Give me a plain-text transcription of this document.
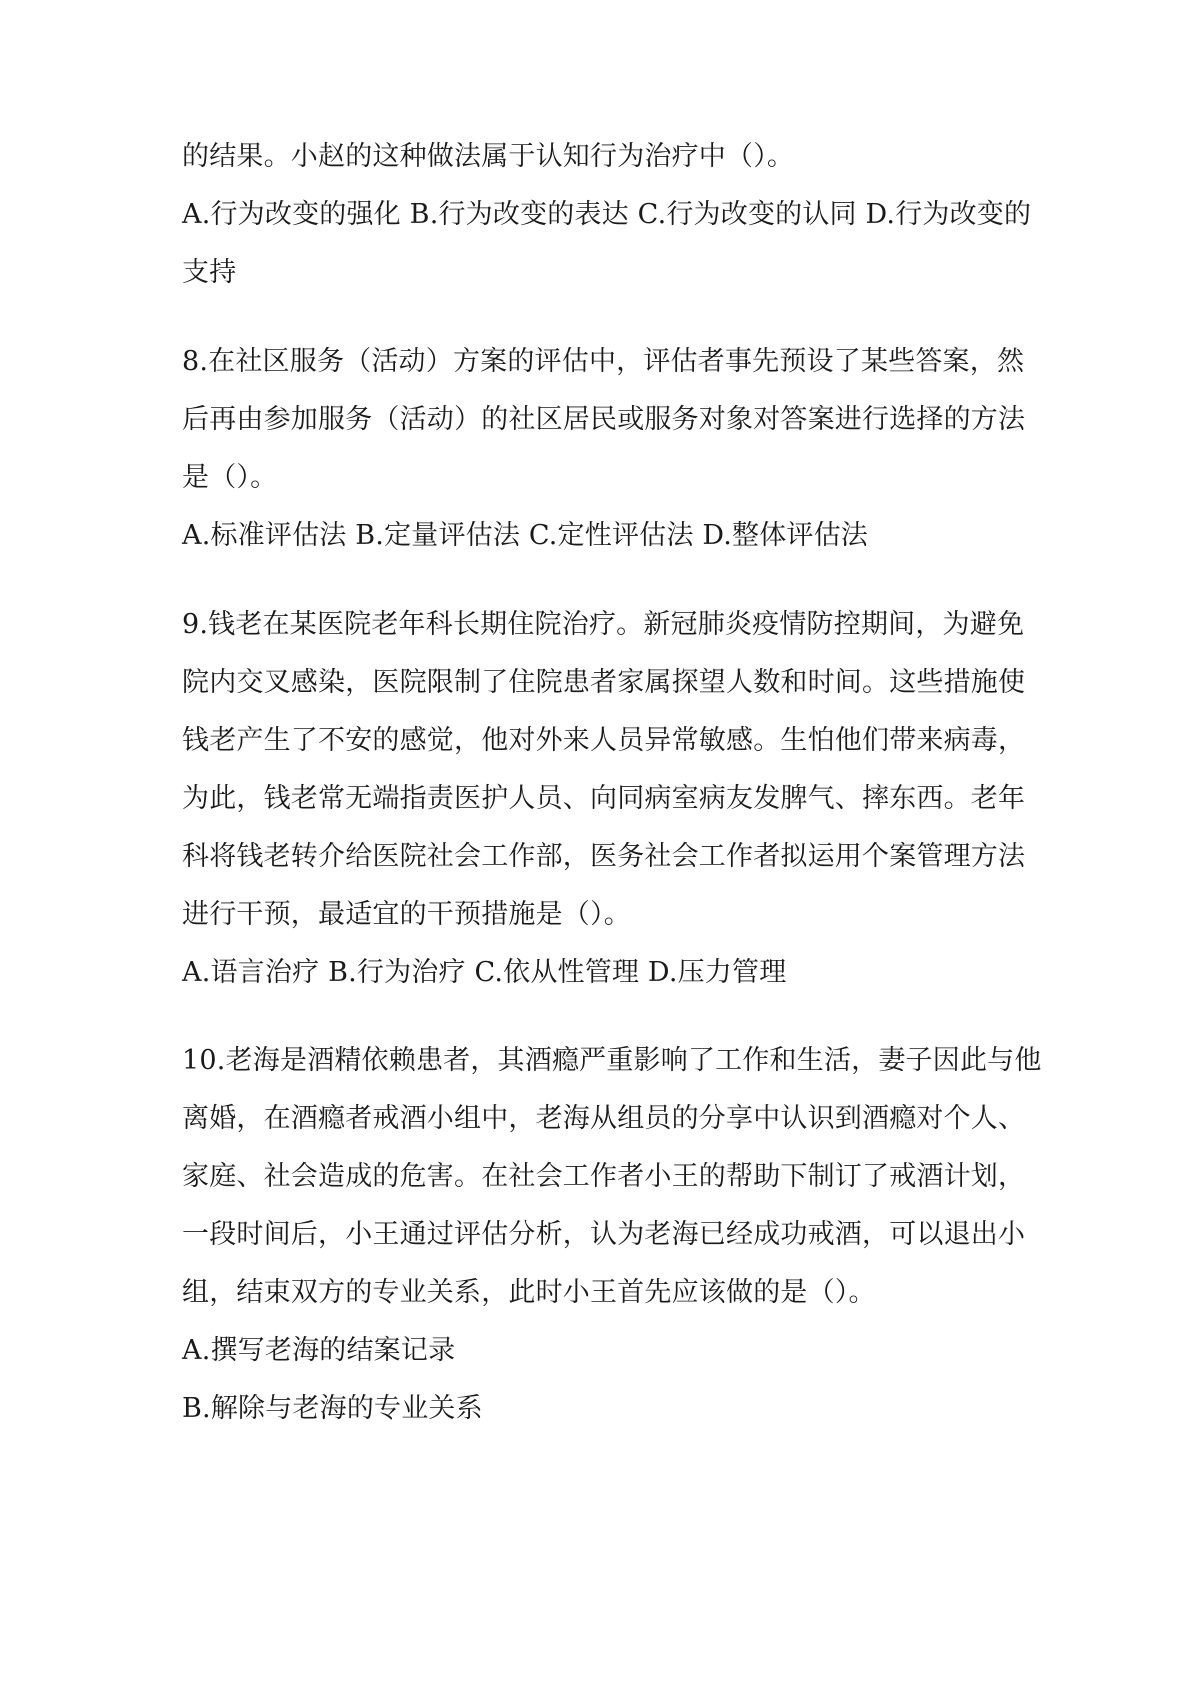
的结果。小赵的这种做法属于认知行为治疗中（）。
A.行为改变的强化 B.行为改变的表达 C.行为改变的认同 D.行为改变的
支持
8.在社区服务（活动）方案的评估中，评估者事先预设了某些答案，然
后再由参加服务（活动）的社区居民或服务对象对答案进行选择的方法
是（）。
A.标准评估法 B.定量评估法 C.定性评估法 D.整体评估法
9.钱老在某医院老年科长期住院治疗。新冠肺炎疫情防控期间，为避免
院内交叉感染，医院限制了住院患者家属探望人数和时间。这些措施使
钱老产生了不安的感觉，他对外来人员异常敏感。生怕他们带来病毒，
为此，钱老常无端指责医护人员、向同病室病友发脾气、摔东西。老年
科将钱老转介给医院社会工作部，医务社会工作者拟运用个案管理方法
进行干预，最适宜的干预措施是（）。
A.语言治疗 B.行为治疗 C.依从性管理 D.压力管理
10.老海是酒精依赖患者，其酒瘾严重影响了工作和生活，妻子因此与他
离婚，在酒瘾者戒酒小组中，老海从组员的分享中认识到酒瘾对个人、
家庭、社会造成的危害。在社会工作者小王的帮助下制订了戒酒计划，
一段时间后，小王通过评估分析，认为老海已经成功戒酒，可以退出小
组，结束双方的专业关系，此时小王首先应该做的是（）。
A.撰写老海的结案记录
B.解除与老海的专业关系
